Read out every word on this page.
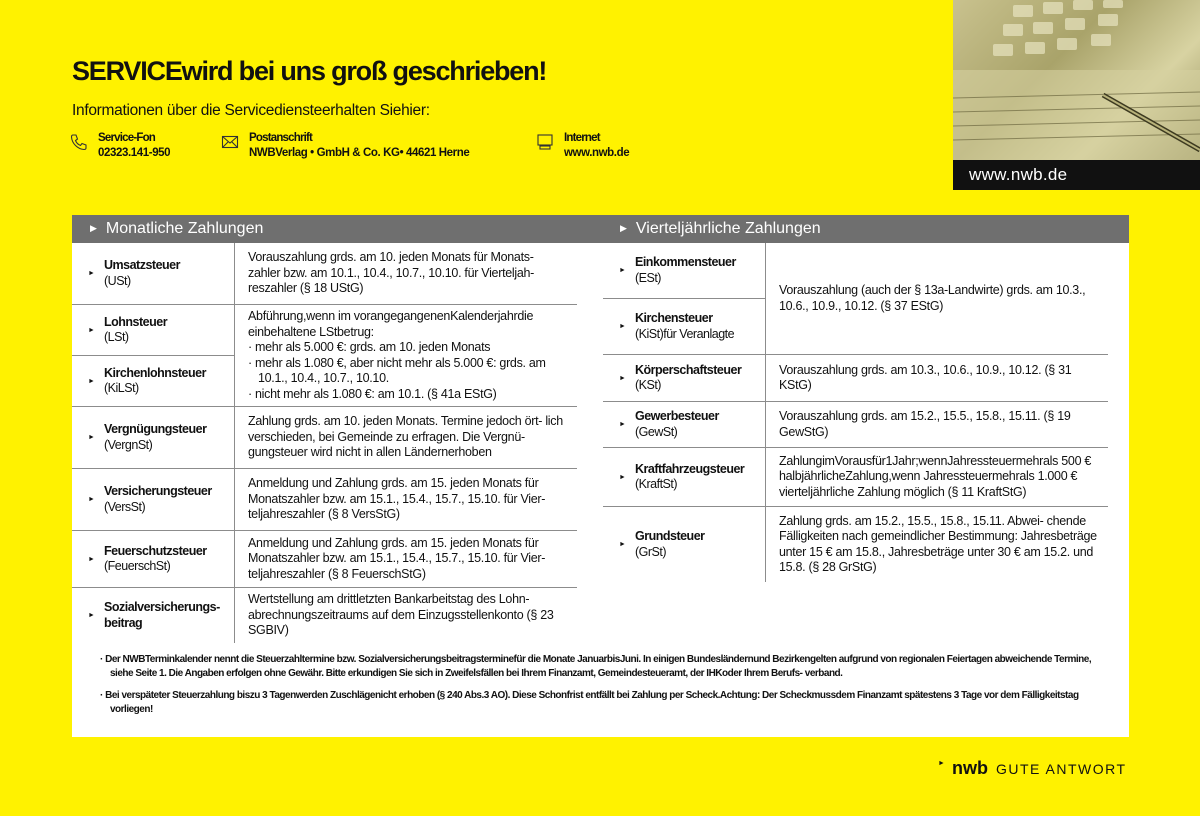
SERVICEwird bei uns groß geschrieben!
Informationen über die Servicediensteerhalten Siehier:
Service-Fon
02323.141-950
Postanschrift
NWBVerlag • GmbH & Co. KG• 44621 Herne
Internet
www.nwb.de
www.nwb.de
▶ Monatliche Zahlungen
▶	Vierteljährliche Zahlungen
►
Umsatzsteuer
(USt)
Vorauszahlung grds. am 10. jeden Monats für Monats- zahler bzw. am 10.1., 10.4., 10.7., 10.10. für Vierteljah- reszahler (§ 18 UStG)
►
Lohnsteuer
(LSt)
►
Kirchenlohnsteuer
(KiLSt)
Abführung,wenn im vorangegangenenKalenderjahrdie einbehaltene LStbetrug:
· mehr als 5.000 €: grds. am 10. jeden Monats
· mehr als 1.080 €, aber nicht mehr als 5.000 €: grds. am 10.1., 10.4., 10.7., 10.10.
· nicht mehr als 1.080 €: am 10.1. (§ 41a EStG)
►
Vergnügungsteuer
(VergnSt)
Zahlung grds. am 10. jeden Monats. Termine jedoch ört- lich verschieden, bei Gemeinde zu erfragen. Die Vergnü- gungsteuer wird nicht in allen Ländernerhoben
►
Versicherungsteuer
(VersSt)
Anmeldung und Zahlung grds. am 15. jeden Monats für Monatszahler bzw. am 15.1., 15.4., 15.7., 15.10. für Vier- teljahreszahler (§ 8 VersStG)
►
Feuerschutzsteuer
(FeuerschSt)
Anmeldung und Zahlung grds. am 15. jeden Monats für Monatszahler bzw. am 15.1., 15.4., 15.7., 15.10. für Vier- teljahreszahler (§ 8 FeuerschStG)
►
Sozialversicherungs-
beitrag
Wertstellung am drittletzten Bankarbeitstag des Lohn- abrechnungszeitraums auf dem Einzugsstellenkonto (§ 23 SGBIV)
►
Einkommensteuer
(ESt)
►
Kirchensteuer
(KiSt)für Veranlagte
Vorauszahlung (auch der § 13a-Landwirte) grds. am 10.3., 10.6., 10.9., 10.12. (§ 37 EStG)
►
Körperschaftsteuer
(KSt)
Vorauszahlung grds. am 10.3., 10.6., 10.9., 10.12. (§ 31 KStG)
►
Gewerbesteuer
(GewSt)
Vorauszahlung grds. am 15.2., 15.5., 15.8., 15.11. (§ 19 GewStG)
►
Kraftfahrzeugsteuer
(KraftSt)
ZahlungimVorausfür1Jahr;wennJahressteuermehrals 500 € halbjährlicheZahlung,wenn Jahressteuermehrals 1.000 € vierteljährliche Zahlung möglich (§ 11 KraftStG)
►
Grundsteuer
(GrSt)
Zahlung grds. am 15.2., 15.5., 15.8., 15.11. Abwei- chende Fälligkeiten nach gemeindlicher Bestimmung: Jahresbeträge unter 15 € am 15.8., Jahresbeträge unter 30 € am 15.2. und 15.8. (§ 28 GrStG)
· Der NWBTerminkalender nennt die Steuerzahltermine bzw. Sozialversicherungsbeitragsterminefür die Monate JanuarbisJuni. In einigen Bundesländernund Bezirkengelten aufgrund von regionalen Feiertagen abweichende Termine, siehe Seite 1. Die Angaben erfolgen ohne Gewähr. Bitte erkundigen Sie sich in Zweifelsfällen bei Ihrem Finanzamt, Gemeindesteueramt, der IHKoder Ihrem Berufs- verband.
· Bei verspäteter Steuerzahlung biszu 3 Tagenwerden Zuschlägenicht erhoben (§ 240 Abs.3 AO). Diese Schonfrist entfällt bei Zahlung per Scheck.Achtung: Der Scheckmussdem Finanzamt spätestens 3 Tage vor dem Fälligkeitstag vorliegen!
► nwb GUTE ANTWORT
